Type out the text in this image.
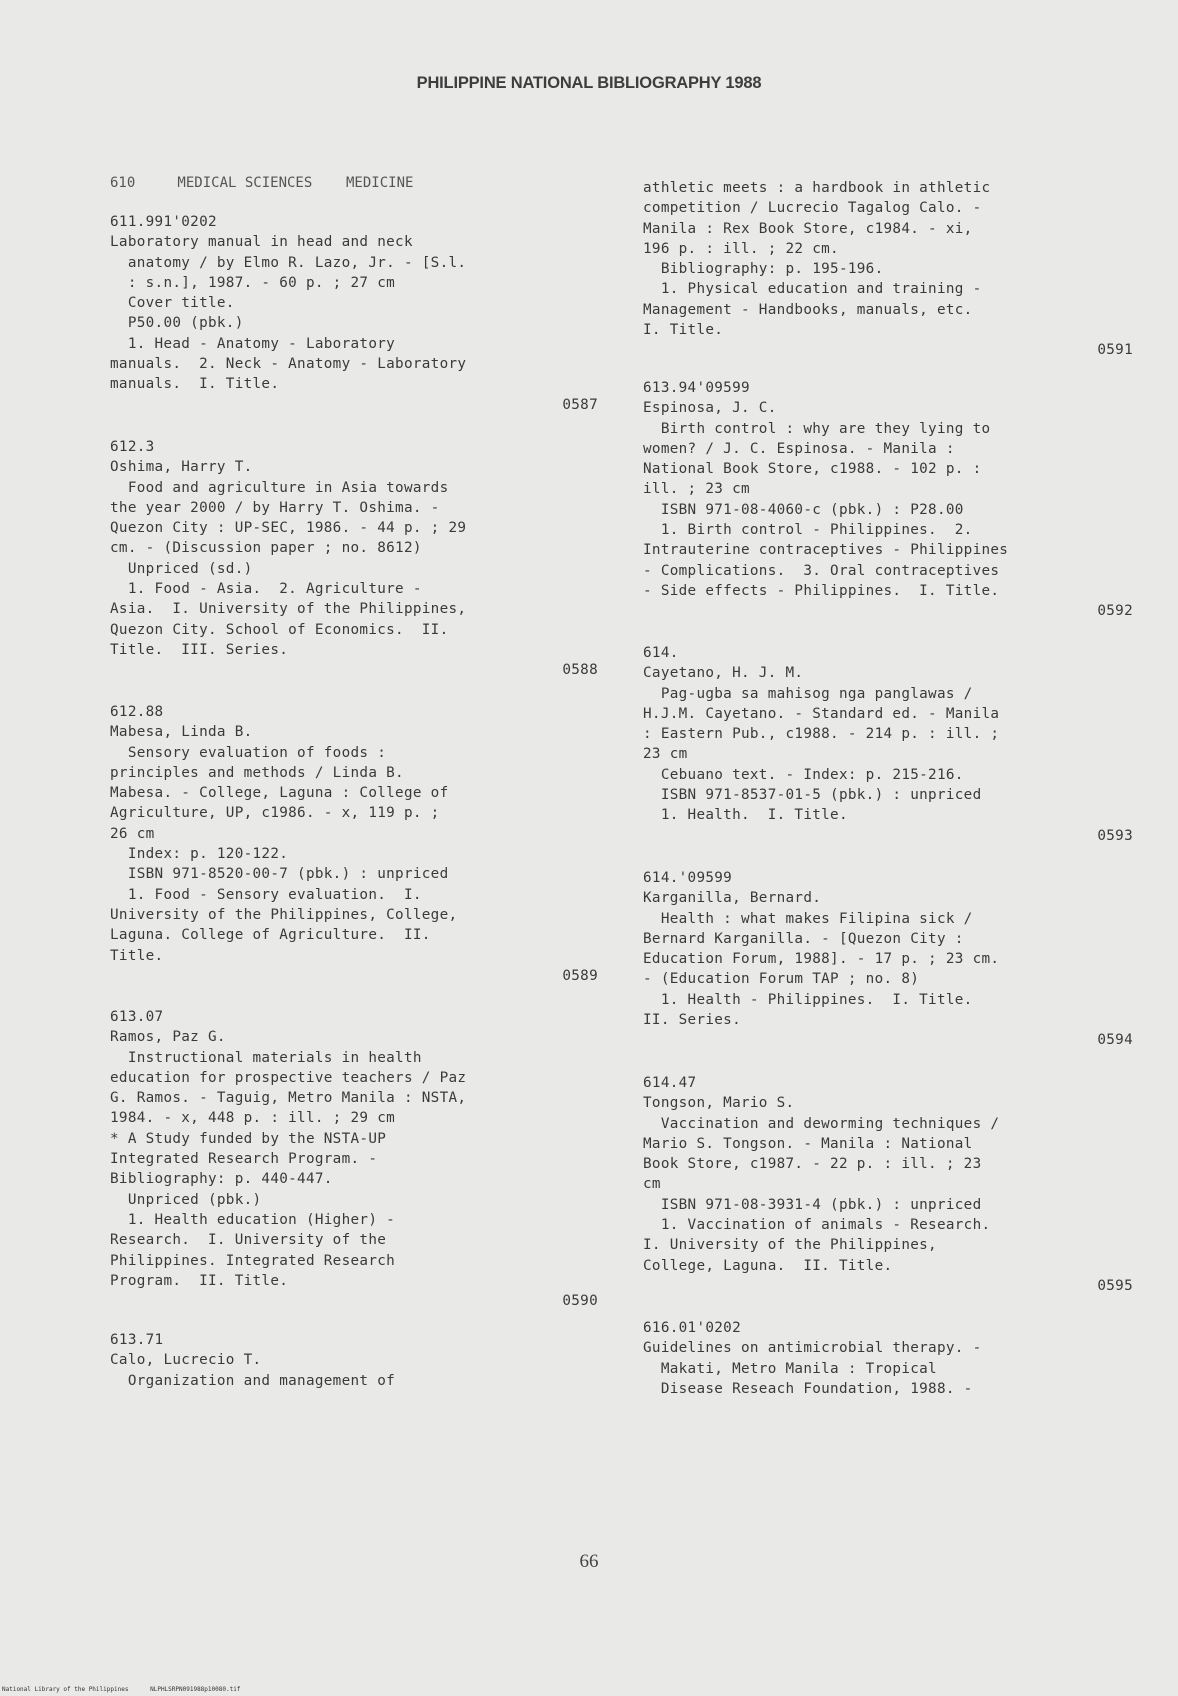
PHILIPPINE NATIONAL BIBLIOGRAPHY 1988
610     MEDICAL SCIENCES    MEDICINE
611.991'0202
Laboratory manual in head and neck
anatomy / by Elmo R. Lazo, Jr. - [S.l.
: s.n.], 1987. - 60 p. ; 27 cm
Cover title.
P50.00 (pbk.)
1. Head - Anatomy - Laboratory
manuals.  2. Neck - Anatomy - Laboratory
manuals.  I. Title.
0587
612.3
Oshima, Harry T.
Food and agriculture in Asia towards
the year 2000 / by Harry T. Oshima. -
Quezon City : UP-SEC, 1986. - 44 p. ; 29
cm. - (Discussion paper ; no. 8612)
Unpriced (sd.)
1. Food - Asia.  2. Agriculture -
Asia.  I. University of the Philippines,
Quezon City. School of Economics.  II.
Title.  III. Series.
0588
612.88
Mabesa, Linda B.
Sensory evaluation of foods :
principles and methods / Linda B.
Mabesa. - College, Laguna : College of
Agriculture, UP, c1986. - x, 119 p. ;
26 cm
Index: p. 120-122.
ISBN 971-8520-00-7 (pbk.) : unpriced
1. Food - Sensory evaluation.  I.
University of the Philippines, College,
Laguna. College of Agriculture.  II.
Title.
0589
613.07
Ramos, Paz G.
Instructional materials in health
education for prospective teachers / Paz
G. Ramos. - Taguig, Metro Manila : NSTA,
1984. - x, 448 p. : ill. ; 29 cm
* A Study funded by the NSTA-UP
Integrated Research Program. -
Bibliography: p. 440-447.
Unpriced (pbk.)
1. Health education (Higher) -
Research.  I. University of the
Philippines. Integrated Research
Program.  II. Title.
0590
613.71
Calo, Lucrecio T.
Organization and management of
athletic meets : a hardbook in athletic
competition / Lucrecio Tagalog Calo. -
Manila : Rex Book Store, c1984. - xi,
196 p. : ill. ; 22 cm.
Bibliography: p. 195-196.
1. Physical education and training -
Management - Handbooks, manuals, etc.
I. Title.
0591
613.94'09599
Espinosa, J. C.
Birth control : why are they lying to
women? / J. C. Espinosa. - Manila :
National Book Store, c1988. - 102 p. :
ill. ; 23 cm
ISBN 971-08-4060-c (pbk.) : P28.00
1. Birth control - Philippines.  2.
Intrauterine contraceptives - Philippines
- Complications.  3. Oral contraceptives
- Side effects - Philippines.  I. Title.
0592
614.
Cayetano, H. J. M.
Pag-ugba sa mahisog nga panglawas /
H.J.M. Cayetano. - Standard ed. - Manila
: Eastern Pub., c1988. - 214 p. : ill. ;
23 cm
Cebuano text. - Index: p. 215-216.
ISBN 971-8537-01-5 (pbk.) : unpriced
1. Health.  I. Title.
0593
614.'09599
Karganilla, Bernard.
Health : what makes Filipina sick /
Bernard Karganilla. - [Quezon City :
Education Forum, 1988]. - 17 p. ; 23 cm.
- (Education Forum TAP ; no. 8)
1. Health - Philippines.  I. Title.
II. Series.
0594
614.47
Tongson, Mario S.
Vaccination and deworming techniques /
Mario S. Tongson. - Manila : National
Book Store, c1987. - 22 p. : ill. ; 23
cm
ISBN 971-08-3931-4 (pbk.) : unpriced
1. Vaccination of animals - Research.
I. University of the Philippines,
College, Laguna.  II. Title.
0595
616.01'0202
Guidelines on antimicrobial therapy. -
Makati, Metro Manila : Tropical
Disease Reseach Foundation, 1988. -
66
National Library of the Philippines      NLPHLSRPN091988p10080.tif
